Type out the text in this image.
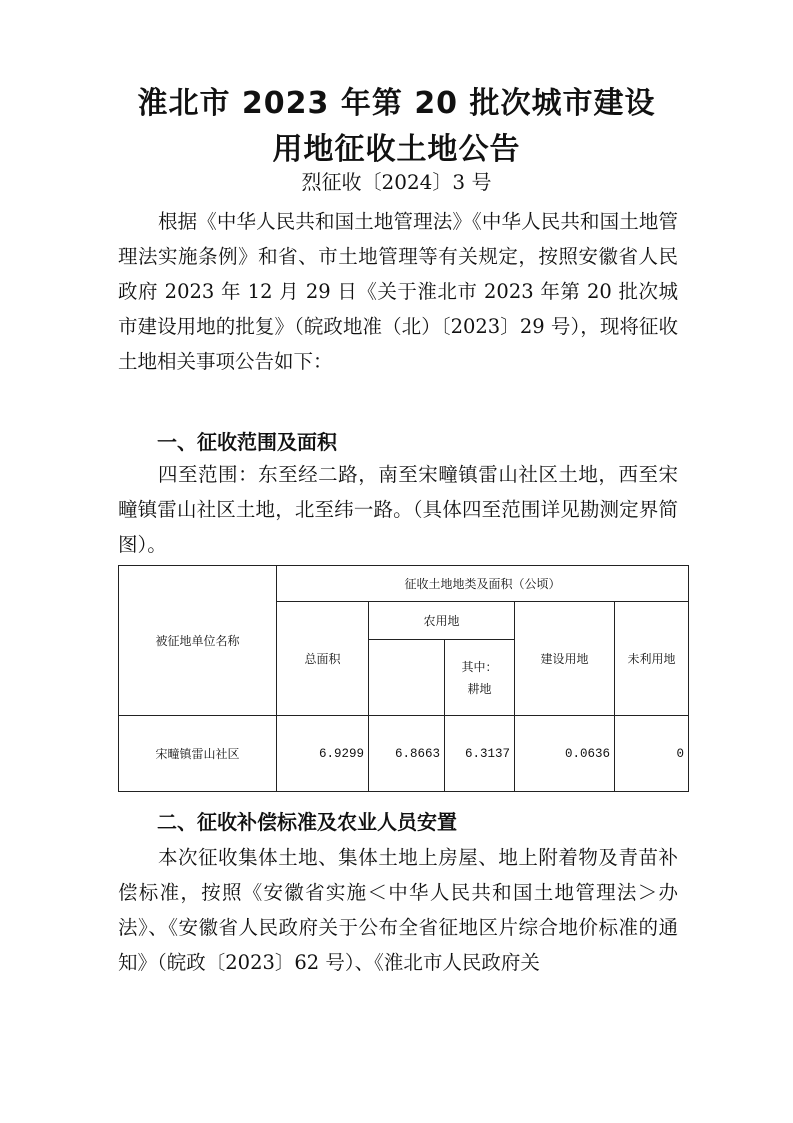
淮北市 2023 年第 20 批次城市建设
用地征收土地公告
烈征收〔2024〕3 号
根据《中华人民共和国土地管理法》《中华人民共和国土地管理法实施条例》和省、市土地管理等有关规定，按照安徽省人民政府 2023 年 12 月 29 日《关于淮北市 2023 年第 20 批次城市建设用地的批复》（皖政地准（北）〔2023〕29 号），现将征收土地相关事项公告如下：
一、征收范围及面积
四至范围：东至经二路，南至宋疃镇雷山社区土地，西至宋疃镇雷山社区土地，北至纬一路。（具体四至范围详见勘测定界简图）。
被征地单位名称	征收土地地类及面积（公顷）				
	总面积	农用地		建设用地	未利用地
			其中：耕地		
宋疃镇雷山社区	6.9299	6.8663	6.3137	0.0636	0
二、征收补偿标准及农业人员安置
本次征收集体土地、集体土地上房屋、地上附着物及青苗补偿标准，按照《安徽省实施＜中华人民共和国土地管理法＞办法》、《安徽省人民政府关于公布全省征地区片综合地价标准的通知》（皖政〔2023〕62 号）、《淮北市人民政府关
